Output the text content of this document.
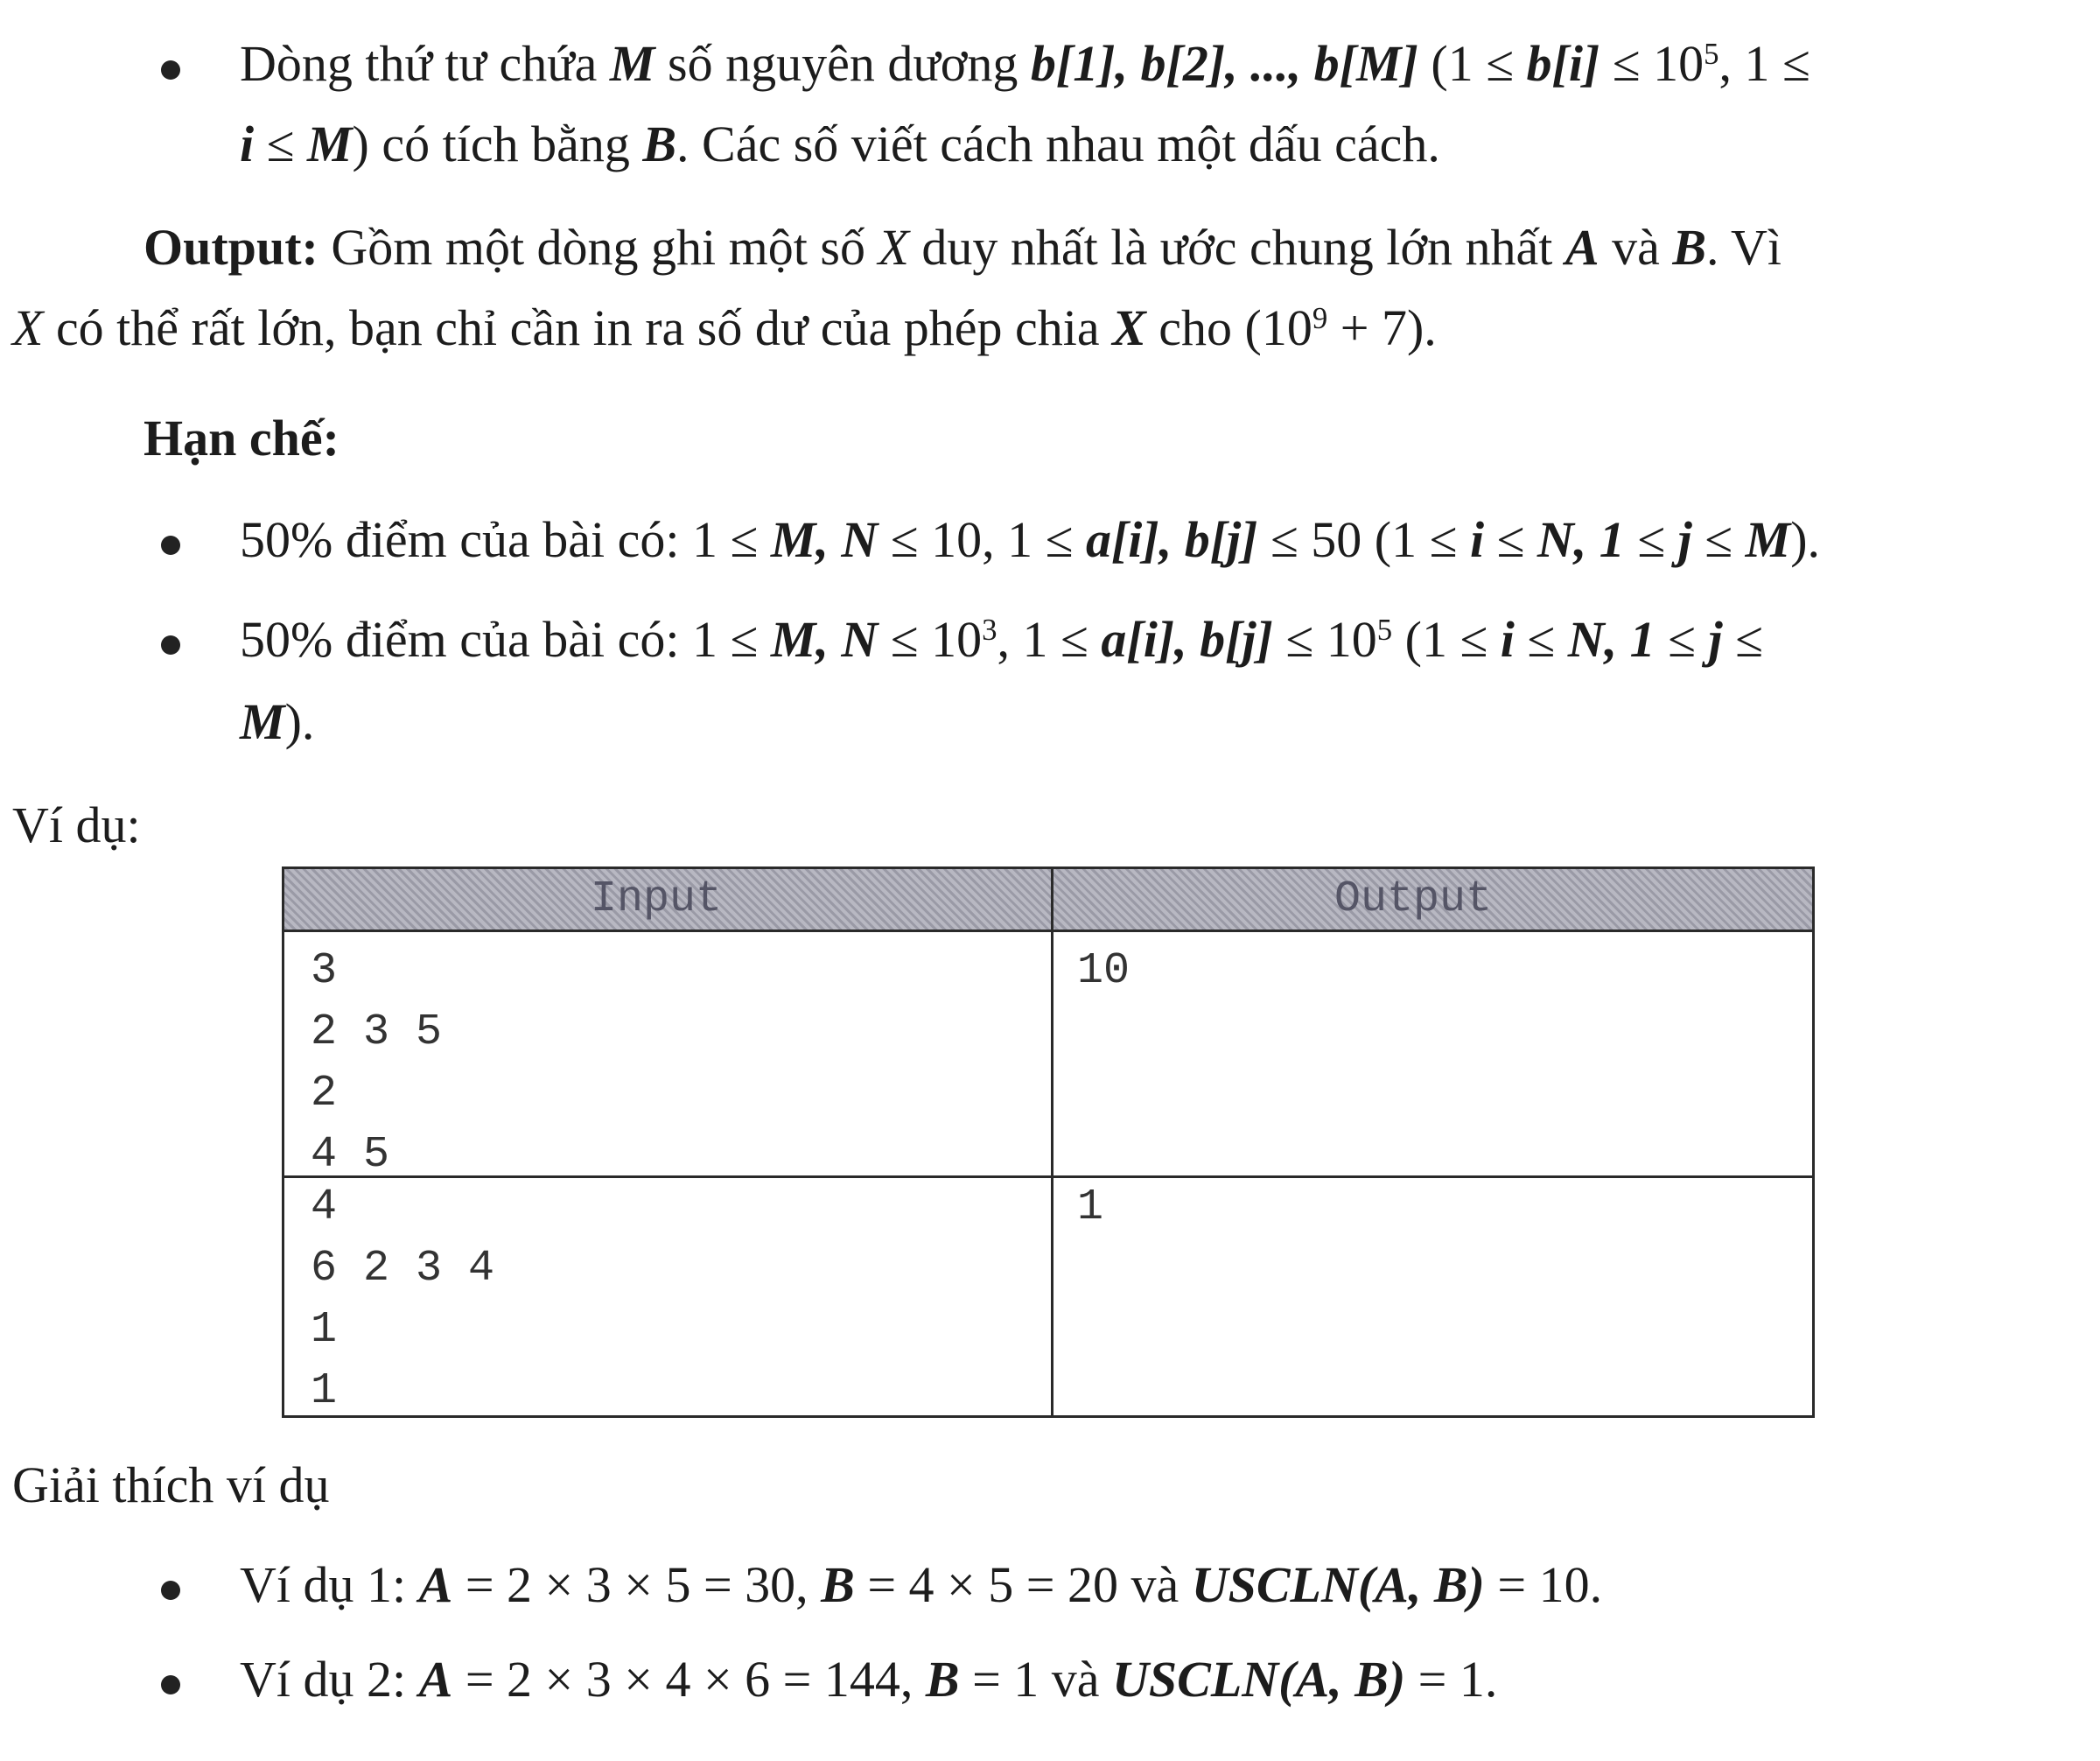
Dòng thứ tư chứa M số nguyên dương b[1], b[2], ..., b[M] ($1 \le b[i] \le 10^5$, 1 ≤
i ≤ M) có tích bằng B. Các số viết cách nhau một dấu cách.
Output: Gồm một dòng ghi một số X duy nhất là ước chung lớn nhất A và B. Vì
X có thể rất lớn, bạn chỉ cần in ra số dư của phép chia X cho $(10^9 + 7)$.
Hạn chế:
50% điểm của bài có: 1 ≤ M, N ≤ 10, 1 ≤ a[i], b[j] ≤ 50 (1 ≤ i ≤ N, 1 ≤ j ≤ M).
50% điểm của bài có: 1 ≤ M, $N \le 10^3$, 1 ≤ a[i], $b[j] \le 10^5$ (1 ≤ i ≤ N, 1 ≤ j ≤
M).
Ví dụ:
Input	Output
3
2 3 5
2
4 5
10
4
6 2 3 4
1
1
1
Giải thích ví dụ
Ví dụ 1: A = 2 × 3 × 5 = 30, B = 4 × 5 = 20 và USCLN(A, B) = 10.
Ví dụ 2: A = 2 × 3 × 4 × 6 = 144, B = 1 và USCLN(A, B) = 1.
